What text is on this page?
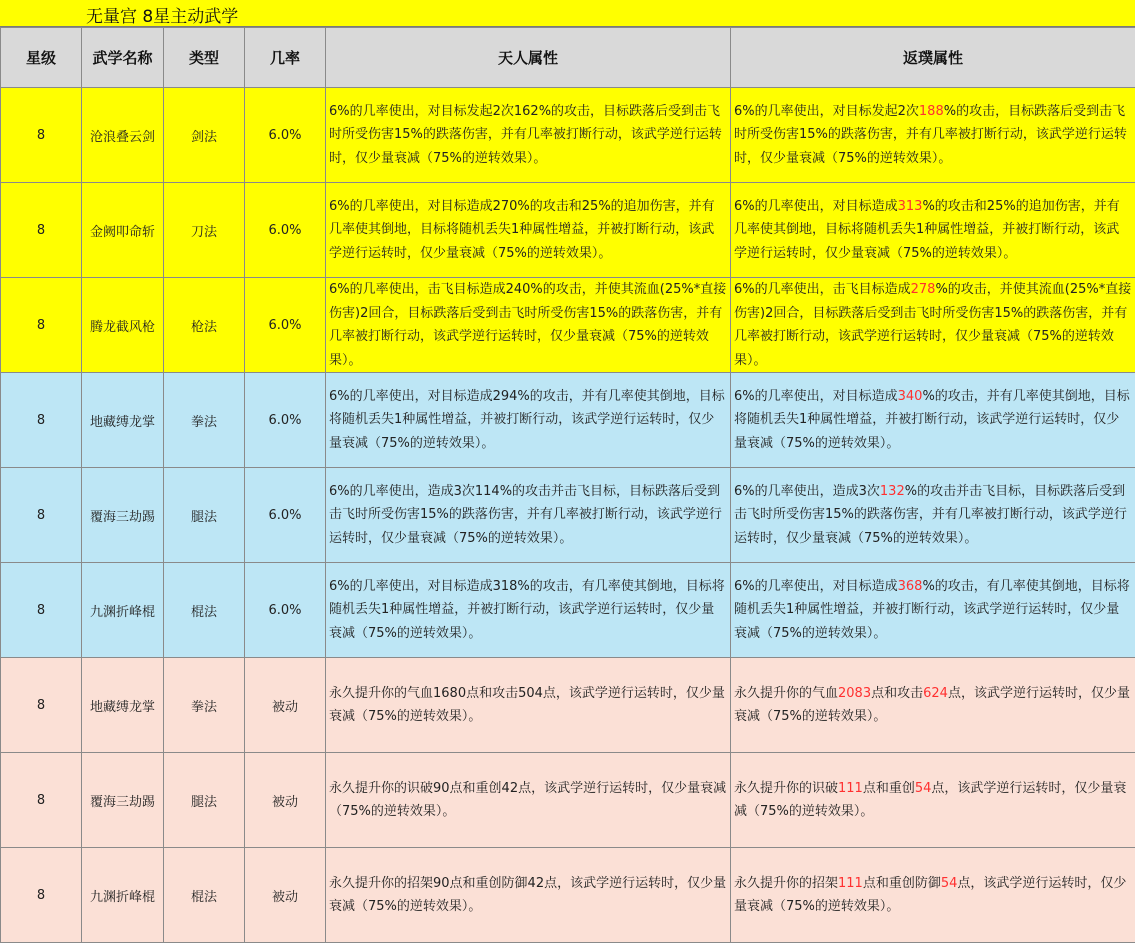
无量宫 8星主动武学
星级	武学名称	类型	几率	天人属性	返璞属性
8	沧浪叠云剑	剑法	6.0%	6%的几率使出，对目标发起2次162%的攻击，目标跌落后受到击飞时所受伤害15%的跌落伤害，并有几率被打断行动，该武学逆行运转时，仅少量衰减（75%的逆转效果）。	6%的几率使出，对目标发起2次188%的攻击，目标跌落后受到击飞时所受伤害15%的跌落伤害，并有几率被打断行动，该武学逆行运转时，仅少量衰减（75%的逆转效果）。
8	金阙叩命斩	刀法	6.0%	6%的几率使出，对目标造成270%的攻击和25%的追加伤害，并有几率使其倒地，目标将随机丢失1种属性增益，并被打断行动，该武学逆行运转时，仅少量衰减（75%的逆转效果）。	6%的几率使出，对目标造成313%的攻击和25%的追加伤害，并有几率使其倒地，目标将随机丢失1种属性增益，并被打断行动，该武学逆行运转时，仅少量衰减（75%的逆转效果）。
8	腾龙截风枪	枪法	6.0%	6%的几率使出，击飞目标造成240%的攻击，并使其流血(25%*直接伤害)2回合，目标跌落后受到击飞时所受伤害15%的跌落伤害，并有几率被打断行动，该武学逆行运转时，仅少量衰减（75%的逆转效果）。	6%的几率使出，击飞目标造成278%的攻击，并使其流血(25%*直接伤害)2回合，目标跌落后受到击飞时所受伤害15%的跌落伤害，并有几率被打断行动，该武学逆行运转时，仅少量衰减（75%的逆转效果）。
8	地藏缚龙掌	拳法	6.0%	6%的几率使出，对目标造成294%的攻击，并有几率使其倒地，目标将随机丢失1种属性增益，并被打断行动，该武学逆行运转时，仅少量衰减（75%的逆转效果）。	6%的几率使出，对目标造成340%的攻击，并有几率使其倒地，目标将随机丢失1种属性增益，并被打断行动，该武学逆行运转时，仅少量衰减（75%的逆转效果）。
8	覆海三劫踢	腿法	6.0%	6%的几率使出，造成3次114%的攻击并击飞目标，目标跌落后受到击飞时所受伤害15%的跌落伤害，并有几率被打断行动，该武学逆行运转时，仅少量衰减（75%的逆转效果）。	6%的几率使出，造成3次132%的攻击并击飞目标，目标跌落后受到击飞时所受伤害15%的跌落伤害，并有几率被打断行动，该武学逆行运转时，仅少量衰减（75%的逆转效果）。
8	九渊折峰棍	棍法	6.0%	6%的几率使出，对目标造成318%的攻击，有几率使其倒地，目标将随机丢失1种属性增益，并被打断行动，该武学逆行运转时，仅少量衰减（75%的逆转效果）。	6%的几率使出，对目标造成368%的攻击，有几率使其倒地，目标将随机丢失1种属性增益，并被打断行动，该武学逆行运转时，仅少量衰减（75%的逆转效果）。
8	地藏缚龙掌	拳法	被动	永久提升你的气血1680点和攻击504点，该武学逆行运转时，仅少量衰减（75%的逆转效果）。	永久提升你的气血2083点和攻击624点，该武学逆行运转时，仅少量衰减（75%的逆转效果）。
8	覆海三劫踢	腿法	被动	永久提升你的识破90点和重创42点，该武学逆行运转时，仅少量衰减（75%的逆转效果）。	永久提升你的识破111点和重创54点，该武学逆行运转时，仅少量衰减（75%的逆转效果）。
8	九渊折峰棍	棍法	被动	永久提升你的招架90点和重创防御42点，该武学逆行运转时，仅少量衰减（75%的逆转效果）。	永久提升你的招架111点和重创防御54点，该武学逆行运转时，仅少量衰减（75%的逆转效果）。
